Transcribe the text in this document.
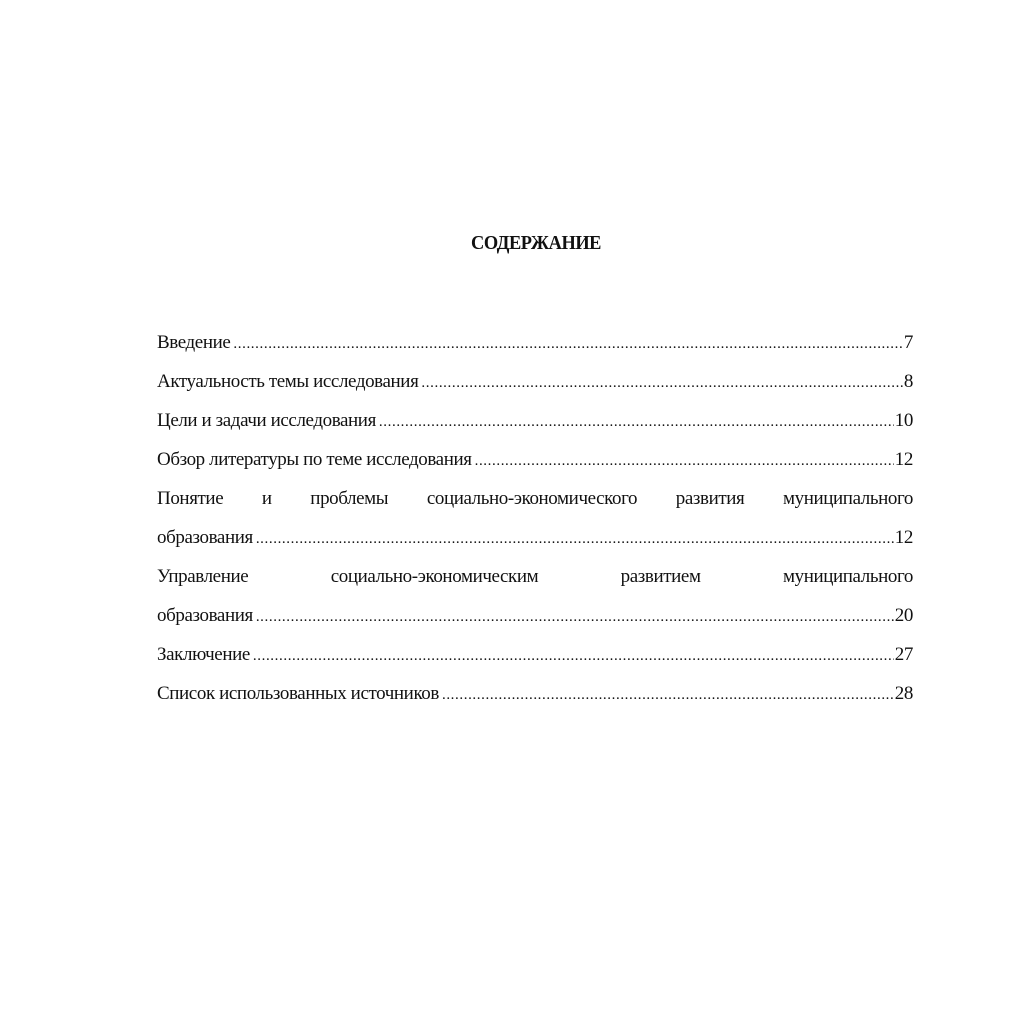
СОДЕРЖАНИЕ
Введение .....	7
Актуальность темы исследования .....	8
Цели и задачи исследования .....	10
Обзор литературы по теме исследования .....	12
Понятие и проблемы социально-экономического развития муниципального
образования .....	12
Управление	социально-экономическим	развитием	муниципального
образования .....	20
Заключение .....	27
Список использованных источников .....	28
